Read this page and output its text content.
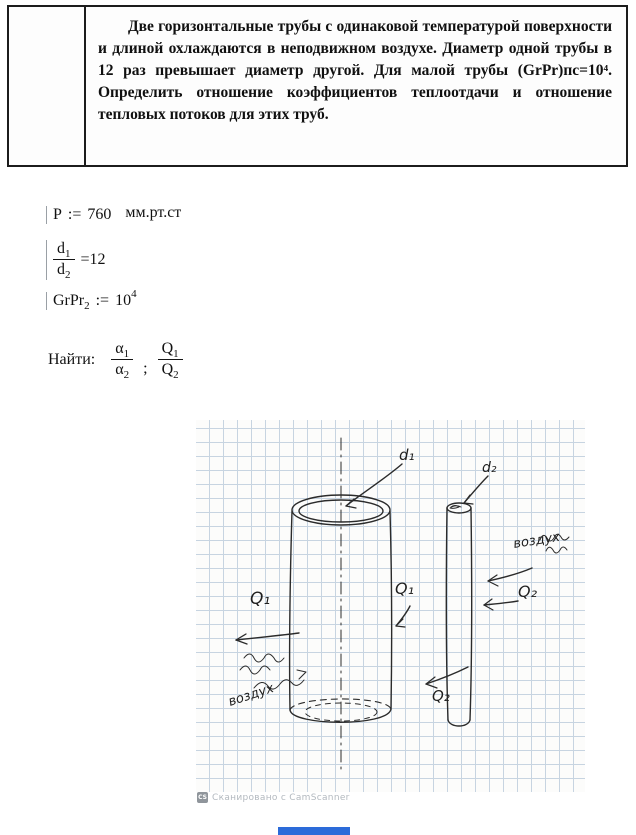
Две горизонтальные трубы с одинаковой температурой поверхности и длиной охлаждаются в неподвижном воздухе. Диаметр одной трубы в 12 раз превышает диаметр другой. Для малой трубы (GrPr)пс=10⁴. Определить отношение коэффициентов теплоотдачи и отношение тепловых потоков для этих труб.
P := 760 мм.рт.ст
$\frac{d_1}{d_2} =12$
GrPr$_2$ := $10^4$
Найти: $\frac{\alpha_1}{\alpha_2}$ ; $\frac{Q_1}{Q_2}$
d₁
d₂
Q₁
Q₁	Q₂
Q₂
воздух
воздух
CS Сканировано с CamScanner
